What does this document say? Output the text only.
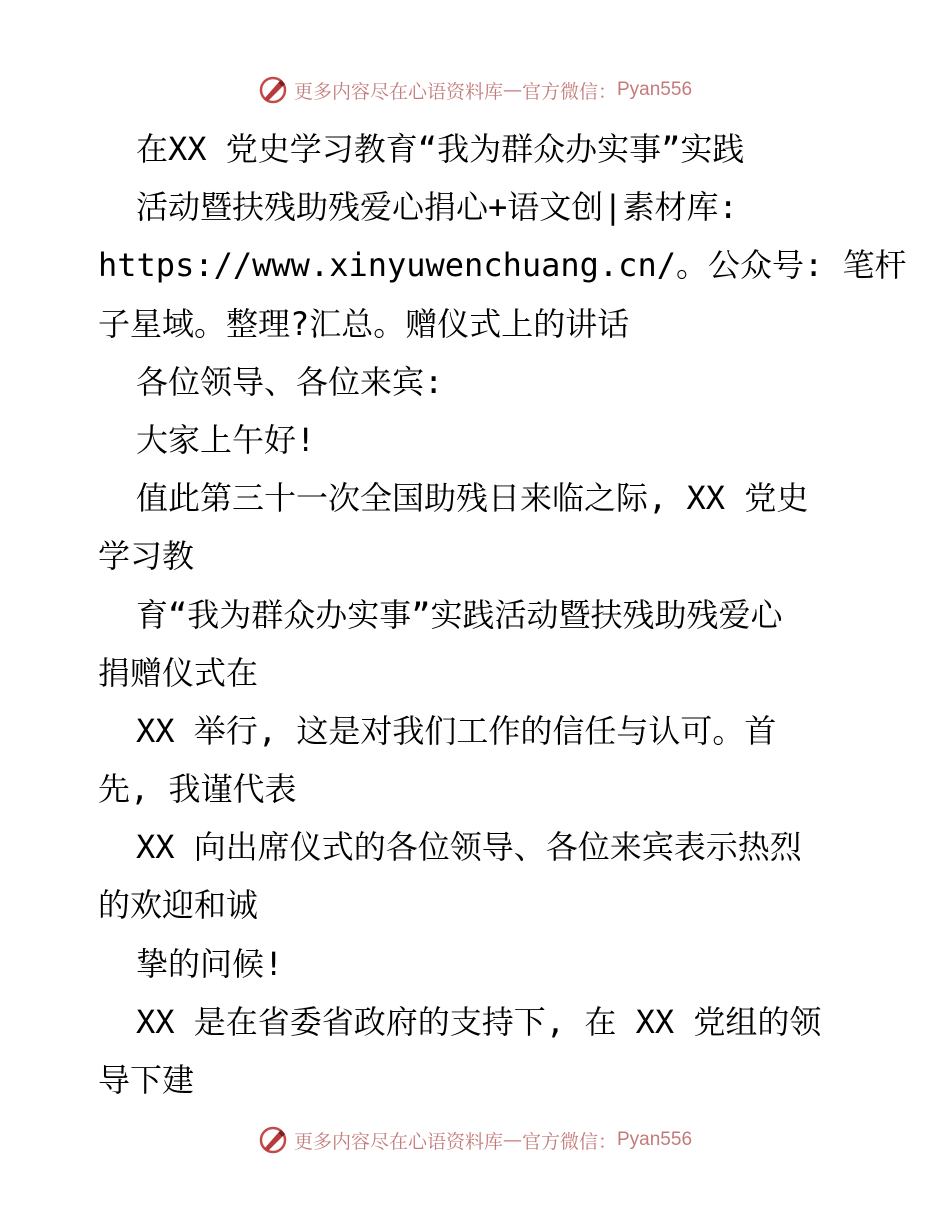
更多内容尽在心语资料库 — 官方微信： Pyan556
在XX 党史学习教育“我为群众办实事”实践
活动暨扶残助残爱心捐心+语文创|素材库:
https://www.xinyuwenchuang.cn/。公众号: 笔杆
子星域。整理?汇总。赠仪式上的讲话
各位领导、各位来宾:
大家上午好!
值此第三十一次全国助残日来临之际, XX 党史
学习教
育“我为群众办实事”实践活动暨扶残助残爱心
捐赠仪式在
XX 举行, 这是对我们工作的信任与认可。首
先, 我谨代表
XX 向出席仪式的各位领导、各位来宾表示热烈
的欢迎和诚
挚的问候!
XX 是在省委省政府的支持下, 在 XX 党组的领
导下建
更多内容尽在心语资料库 — 官方微信： Pyan556
